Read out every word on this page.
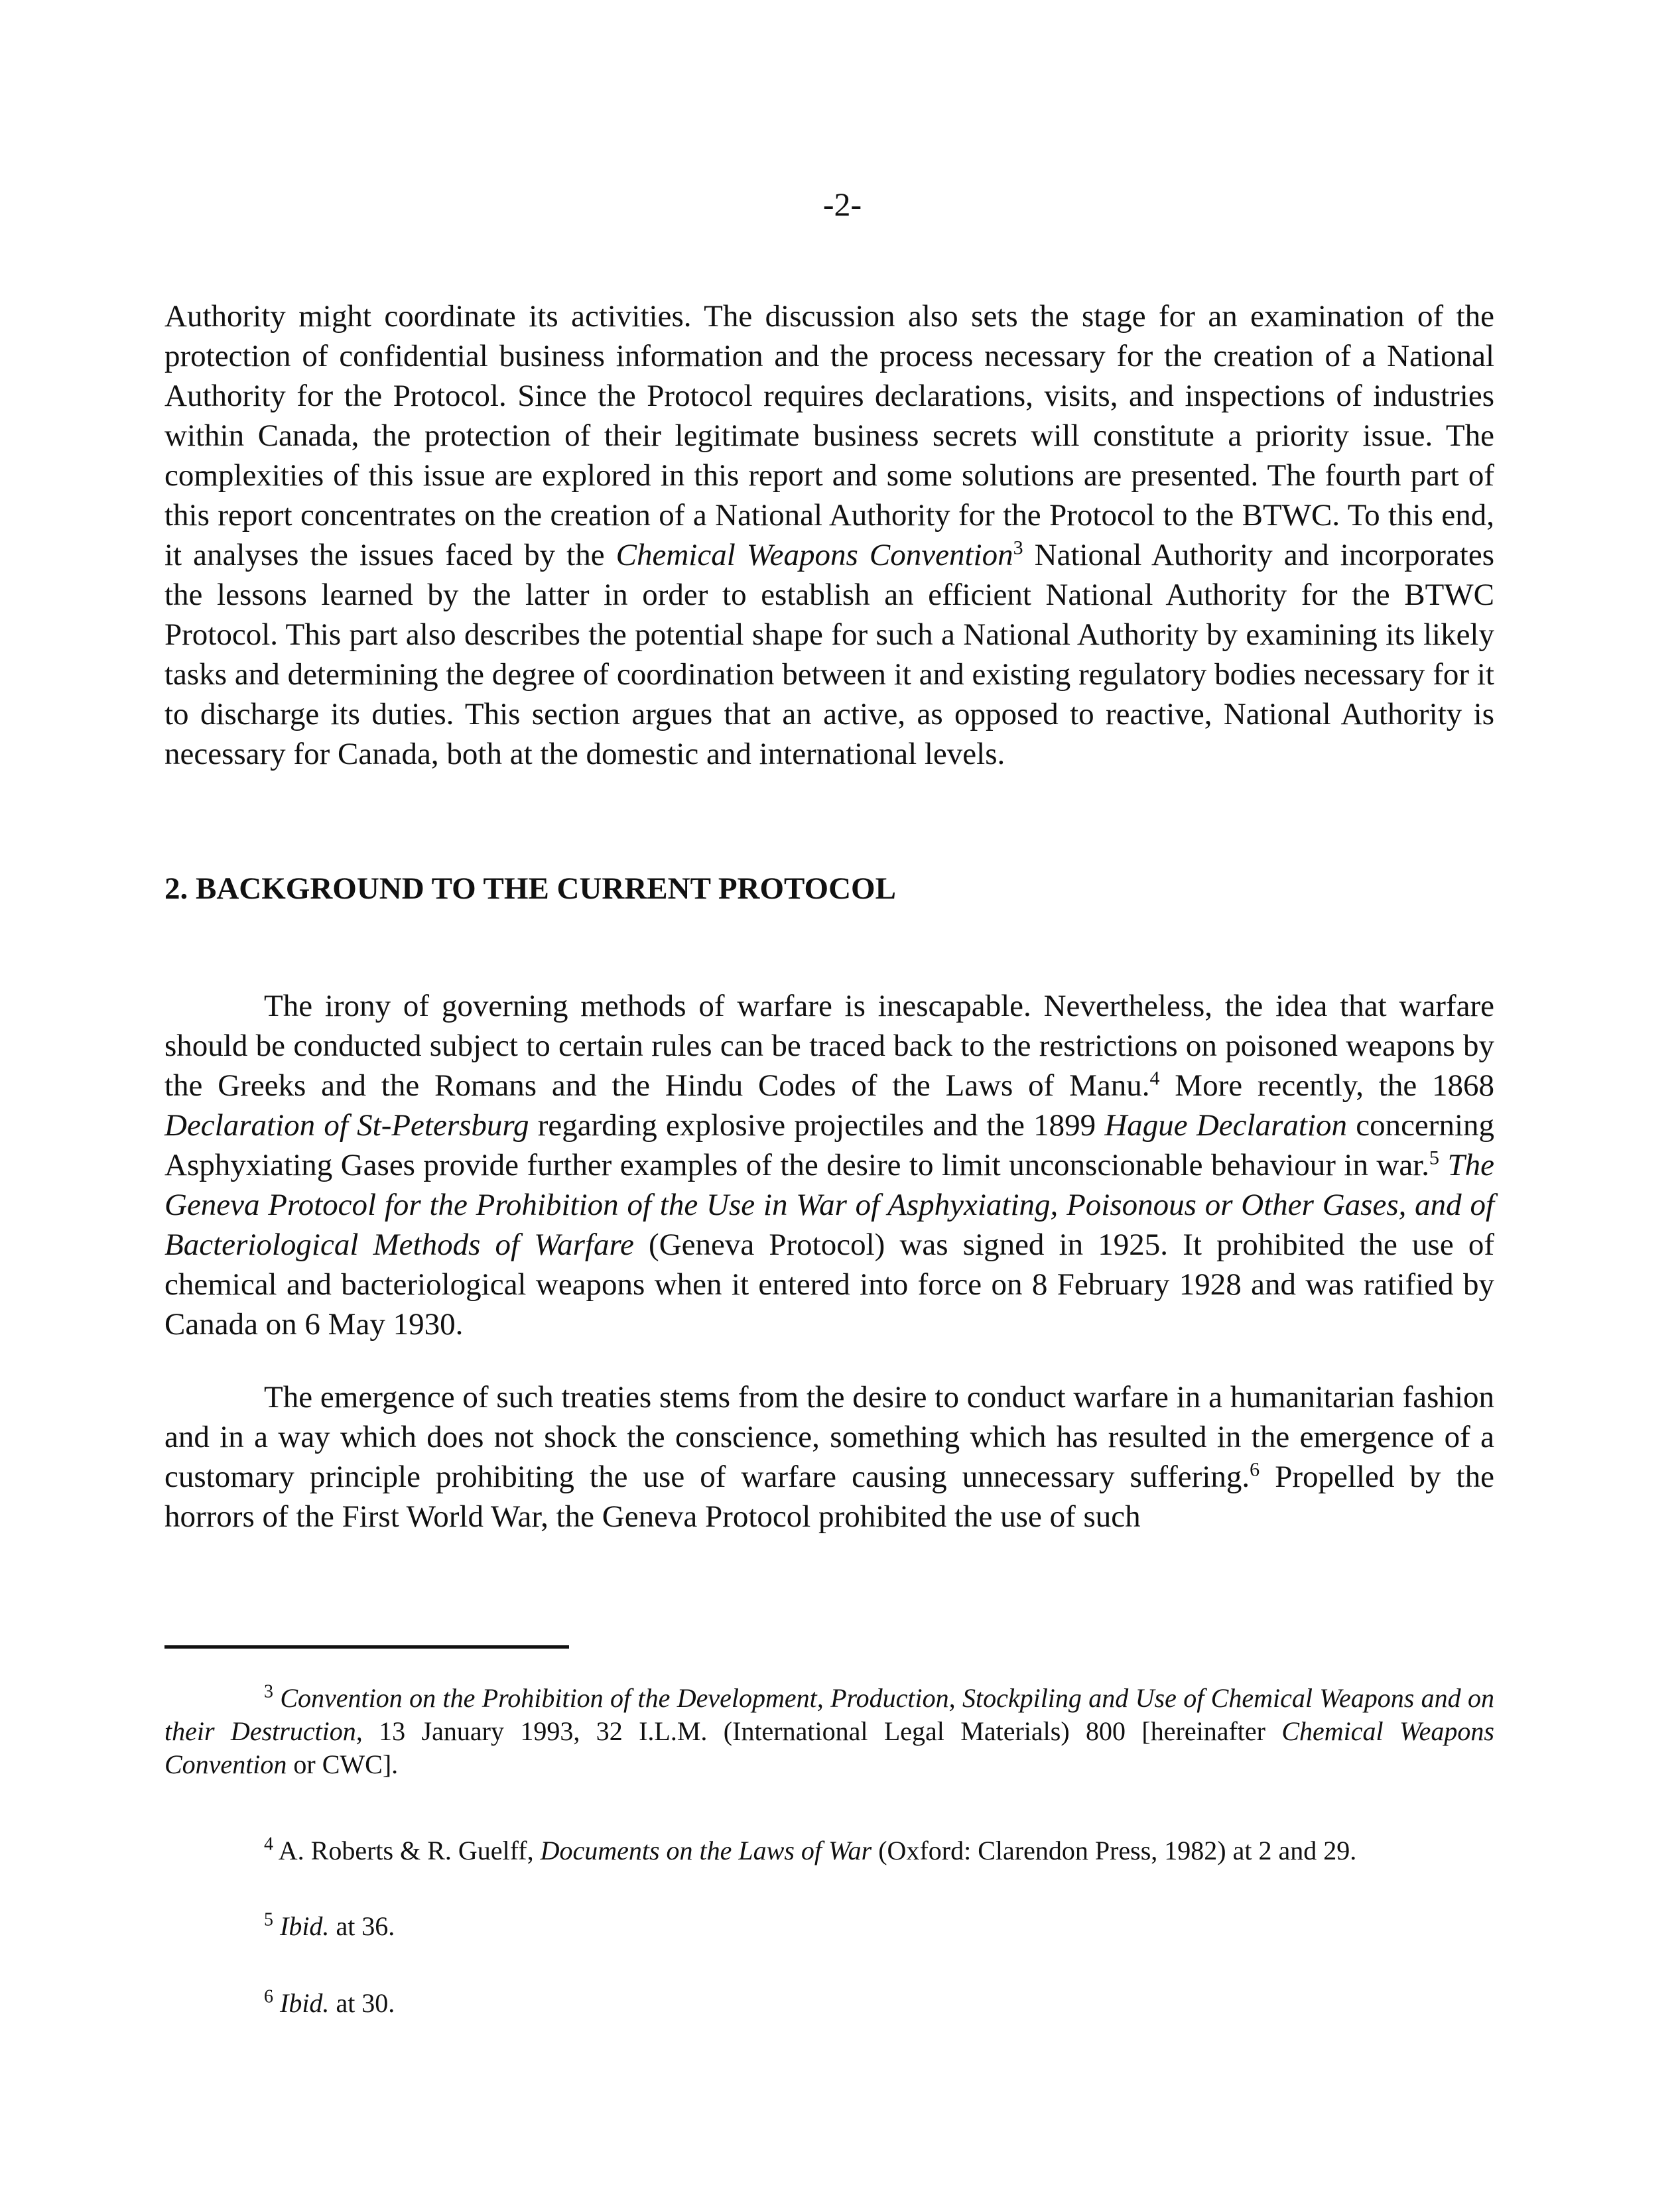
-2-

Authority might coordinate its activities. The discussion also sets the stage for an examination of the protection of confidential business information and the process necessary for the creation of a National Authority for the Protocol. Since the Protocol requires declarations, visits, and inspections of industries within Canada, the protection of their legitimate business secrets will constitute a priority issue. The complexities of this issue are explored in this report and some solutions are presented. The fourth part of this report concentrates on the creation of a National Authority for the Protocol to the BTWC. To this end, it analyses the issues faced by the Chemical Weapons Convention$^3$ National Authority and incorporates the lessons learned by the latter in order to establish an efficient National Authority for the BTWC Protocol. This part also describes the potential shape for such a National Authority by examining its likely tasks and determining the degree of coordination between it and existing regulatory bodies necessary for it to discharge its duties. This section argues that an active, as opposed to reactive, National Authority is necessary for Canada, both at the domestic and international levels.

2. BACKGROUND TO THE CURRENT PROTOCOL

The irony of governing methods of warfare is inescapable. Nevertheless, the idea that warfare should be conducted subject to certain rules can be traced back to the restrictions on poisoned weapons by the Greeks and the Romans and the Hindu Codes of the Laws of Manu.$^4$ More recently, the 1868 Declaration of St-Petersburg regarding explosive projectiles and the 1899 Hague Declaration concerning Asphyxiating Gases provide further examples of the desire to limit unconscionable behaviour in war.$^5$ The Geneva Protocol for the Prohibition of the Use in War of Asphyxiating, Poisonous or Other Gases, and of Bacteriological Methods of Warfare (Geneva Protocol) was signed in 1925. It prohibited the use of chemical and bacteriological weapons when it entered into force on 8 February 1928 and was ratified by Canada on 6 May 1930.

The emergence of such treaties stems from the desire to conduct warfare in a humanitarian fashion and in a way which does not shock the conscience, something which has resulted in the emergence of a customary principle prohibiting the use of warfare causing unnecessary suffering.$^6$ Propelled by the horrors of the First World War, the Geneva Protocol prohibited the use of such

$^3$ Convention on the Prohibition of the Development, Production, Stockpiling and Use of Chemical Weapons and on their Destruction, 13 January 1993, 32 I.L.M. (International Legal Materials) 800 [hereinafter Chemical Weapons Convention or CWC].

$^4$ A. Roberts & R. Guelff, Documents on the Laws of War (Oxford: Clarendon Press, 1982) at 2 and 29.

$^5$ Ibid. at 36.

$^6$ Ibid. at 30.
